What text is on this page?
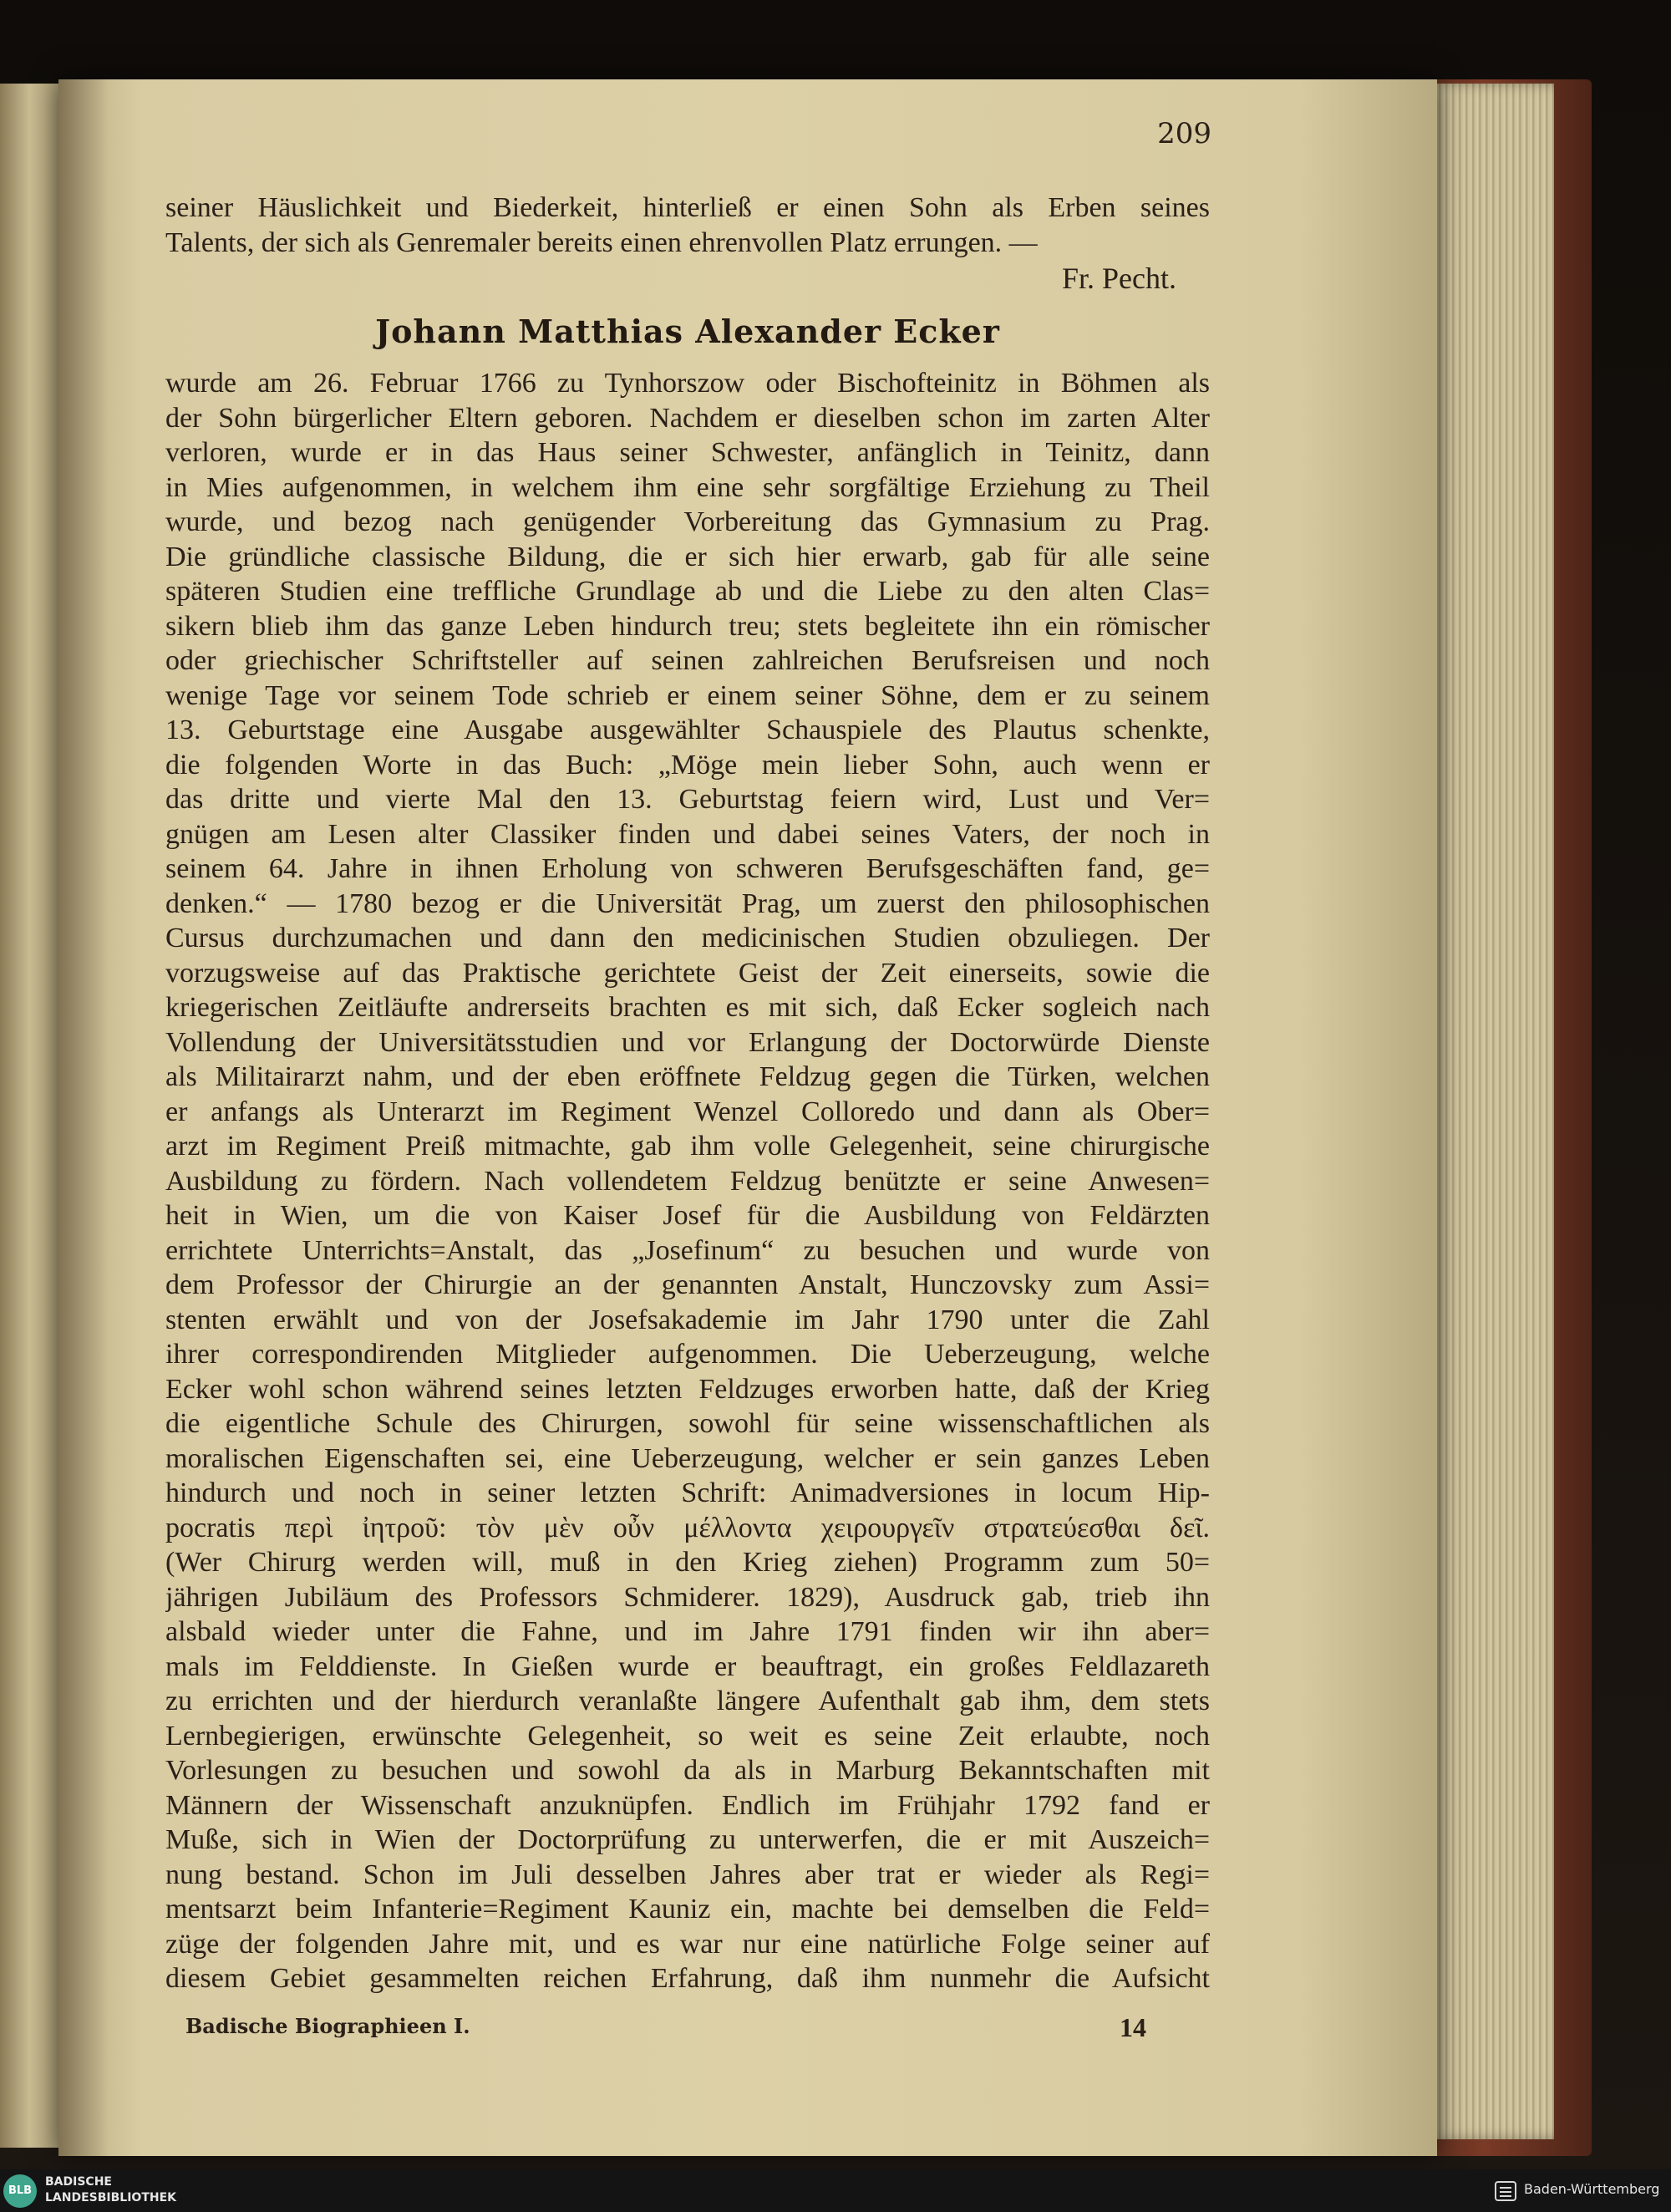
209
seiner Häuslichkeit und Biederkeit, hinterließ er einen Sohn als Erben seines
Talents, der sich als Genremaler bereits einen ehrenvollen Platz errungen. —
Fr. Pecht.
Johann Matthias Alexander Ecker
wurde am 26. Februar 1766 zu Tynhorszow oder Bischofteinitz in Böhmen als
der Sohn bürgerlicher Eltern geboren. Nachdem er dieselben schon im zarten Alter
verloren, wurde er in das Haus seiner Schwester, anfänglich in Teinitz, dann
in Mies aufgenommen, in welchem ihm eine sehr sorgfältige Erziehung zu Theil
wurde, und bezog nach genügender Vorbereitung das Gymnasium zu Prag.
Die gründliche classische Bildung, die er sich hier erwarb, gab für alle seine
späteren Studien eine treffliche Grundlage ab und die Liebe zu den alten Clas=
sikern blieb ihm das ganze Leben hindurch treu; stets begleitete ihn ein römischer
oder griechischer Schriftsteller auf seinen zahlreichen Berufsreisen und noch
wenige Tage vor seinem Tode schrieb er einem seiner Söhne, dem er zu seinem
13. Geburtstage eine Ausgabe ausgewählter Schauspiele des Plautus schenkte,
die folgenden Worte in das Buch: „Möge mein lieber Sohn, auch wenn er
das dritte und vierte Mal den 13. Geburtstag feiern wird, Lust und Ver=
gnügen am Lesen alter Classiker finden und dabei seines Vaters, der noch in
seinem 64. Jahre in ihnen Erholung von schweren Berufsgeschäften fand, ge=
denken.“ — 1780 bezog er die Universität Prag, um zuerst den philosophischen
Cursus durchzumachen und dann den medicinischen Studien obzuliegen. Der
vorzugsweise auf das Praktische gerichtete Geist der Zeit einerseits, sowie die
kriegerischen Zeitläufte andrerseits brachten es mit sich, daß Ecker sogleich nach
Vollendung der Universitätsstudien und vor Erlangung der Doctorwürde Dienste
als Militairarzt nahm, und der eben eröffnete Feldzug gegen die Türken, welchen
er anfangs als Unterarzt im Regiment Wenzel Colloredo und dann als Ober=
arzt im Regiment Preiß mitmachte, gab ihm volle Gelegenheit, seine chirurgische
Ausbildung zu fördern. Nach vollendetem Feldzug benützte er seine Anwesen=
heit in Wien, um die von Kaiser Josef für die Ausbildung von Feldärzten
errichtete Unterrichts=Anstalt, das „Josefinum“ zu besuchen und wurde von
dem Professor der Chirurgie an der genannten Anstalt, Hunczovsky zum Assi=
stenten erwählt und von der Josefsakademie im Jahr 1790 unter die Zahl
ihrer correspondirenden Mitglieder aufgenommen. Die Ueberzeugung, welche
Ecker wohl schon während seines letzten Feldzuges erworben hatte, daß der Krieg
die eigentliche Schule des Chirurgen, sowohl für seine wissenschaftlichen als
moralischen Eigenschaften sei, eine Ueberzeugung, welcher er sein ganzes Leben
hindurch und noch in seiner letzten Schrift: Animadversiones in locum Hip-
pocratis περὶ ἰητροῦ: τὸν μὲν οὖν μέλλοντα χειρουργεῖν στρατεύεσθαι δεῖ.
(Wer Chirurg werden will, muß in den Krieg ziehen) Programm zum 50=
jährigen Jubiläum des Professors Schmiderer. 1829), Ausdruck gab, trieb ihn
alsbald wieder unter die Fahne, und im Jahre 1791 finden wir ihn aber=
mals im Felddienste. In Gießen wurde er beauftragt, ein großes Feldlazareth
zu errichten und der hierdurch veranlaßte längere Aufenthalt gab ihm, dem stets
Lernbegierigen, erwünschte Gelegenheit, so weit es seine Zeit erlaubte, noch
Vorlesungen zu besuchen und sowohl da als in Marburg Bekanntschaften mit
Männern der Wissenschaft anzuknüpfen. Endlich im Frühjahr 1792 fand er
Muße, sich in Wien der Doctorprüfung zu unterwerfen, die er mit Auszeich=
nung bestand. Schon im Juli desselben Jahres aber trat er wieder als Regi=
mentsarzt beim Infanterie=Regiment Kauniz ein, machte bei demselben die Feld=
züge der folgenden Jahre mit, und es war nur eine natürliche Folge seiner auf
diesem Gebiet gesammelten reichen Erfahrung, daß ihm nunmehr die Aufsicht
Badische Biographieen I.	14
BLB
BADISCHE
LANDESBIBLIOTHEK
Baden-Württemberg
